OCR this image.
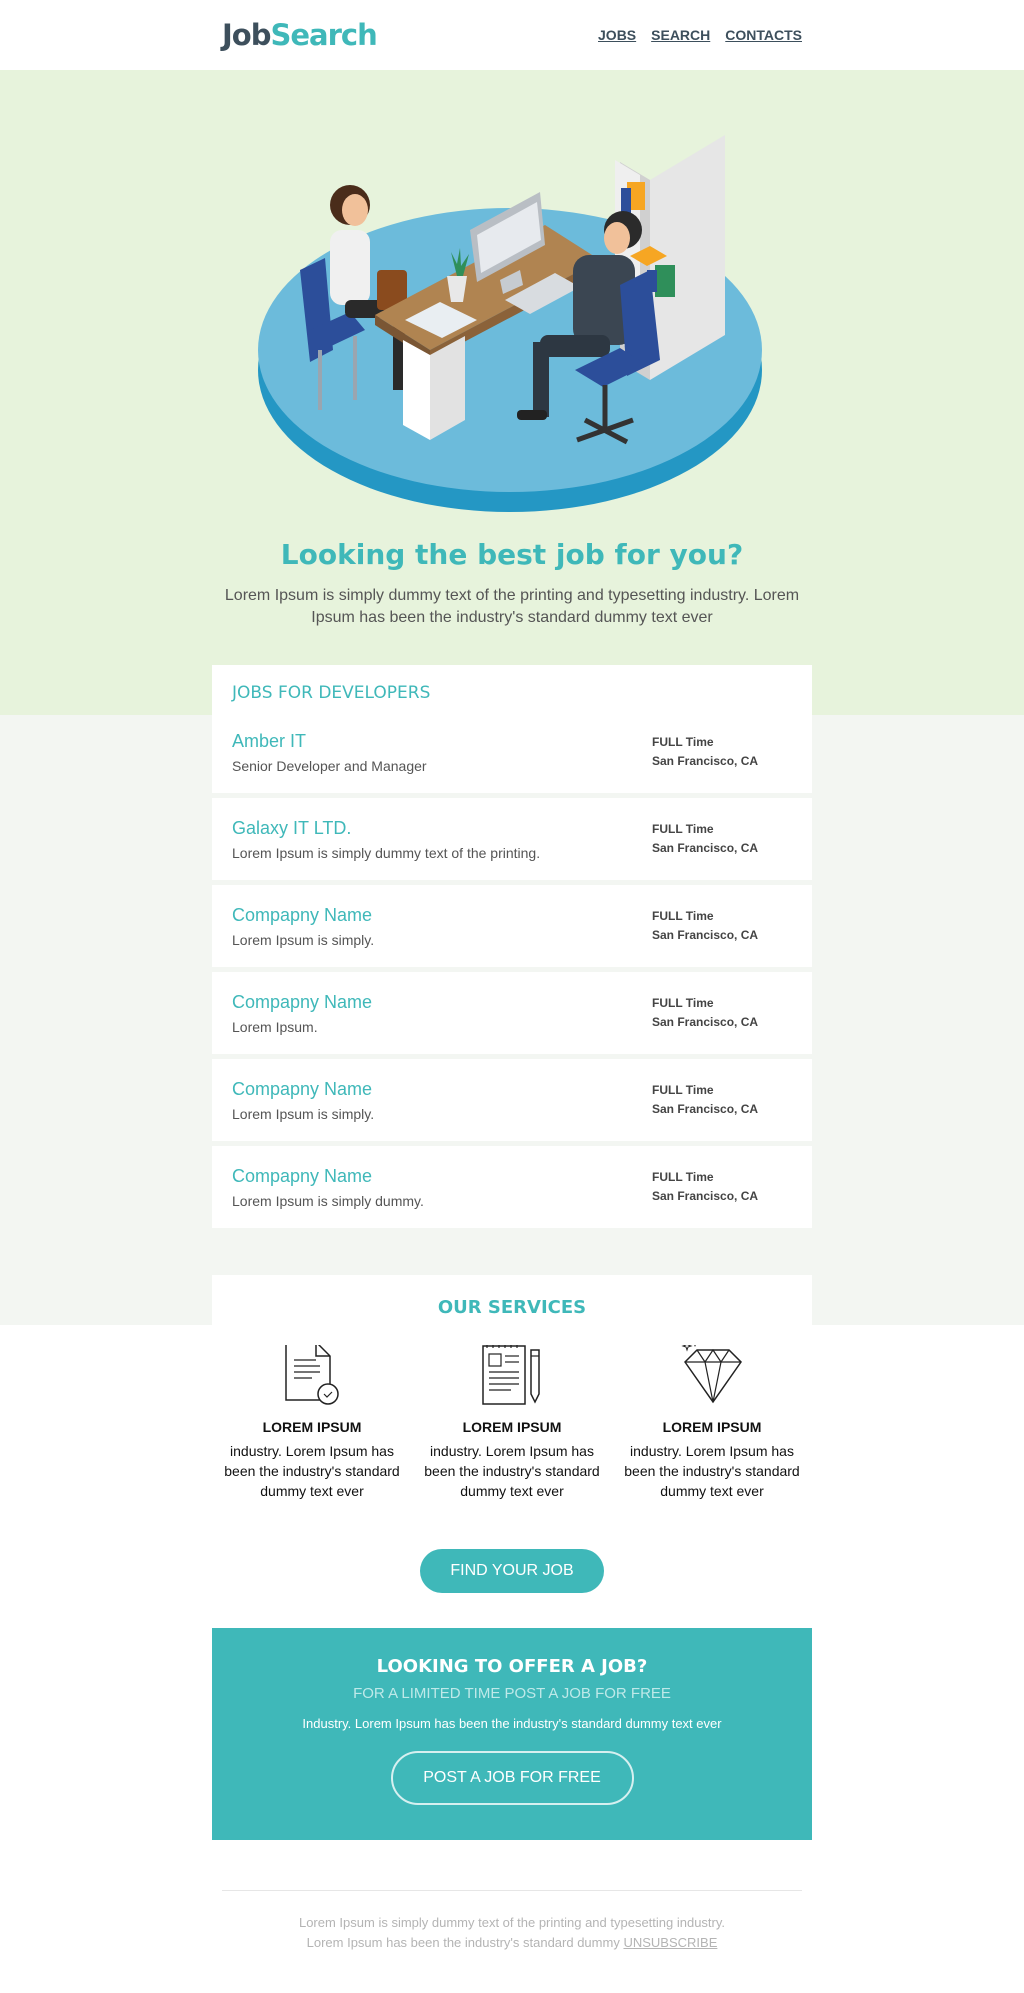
JobSearch	JOBS SEARCH CONTACTS
Looking the best job for you?

Lorem Ipsum is simply dummy text of the printing and typesetting industry. Lorem Ipsum has been the industry's standard dummy text ever

JOBS FOR DEVELOPERS
Amber IT
Senior Developer and Manager
FULL Time
San Francisco, CA
Galaxy IT LTD.
Lorem Ipsum is simply dummy text of the printing.
FULL Time
San Francisco, CA
Compapny Name
Lorem Ipsum is simply.
FULL Time
San Francisco, CA
Compapny Name
Lorem Ipsum.
FULL Time
San Francisco, CA
Compapny Name
Lorem Ipsum is simply.
FULL Time
San Francisco, CA
Compapny Name
Lorem Ipsum is simply dummy.
FULL Time
San Francisco, CA
OUR SERVICES
LOREM IPSUM

industry. Lorem Ipsum has been the industry's standard dummy text ever

LOREM IPSUM

industry. Lorem Ipsum has been the industry's standard dummy text ever

LOREM IPSUM

industry. Lorem Ipsum has been the industry's standard dummy text ever

FIND YOUR JOB
LOOKING TO OFFER A JOB?
FOR A LIMITED TIME POST A JOB FOR FREE

Industry. Lorem Ipsum has been the industry's standard dummy text ever

POST A JOB FOR FREE

Lorem Ipsum is simply dummy text of the printing and typesetting industry.

Lorem Ipsum has been the industry's standard dummy UNSUBSCRIBE
